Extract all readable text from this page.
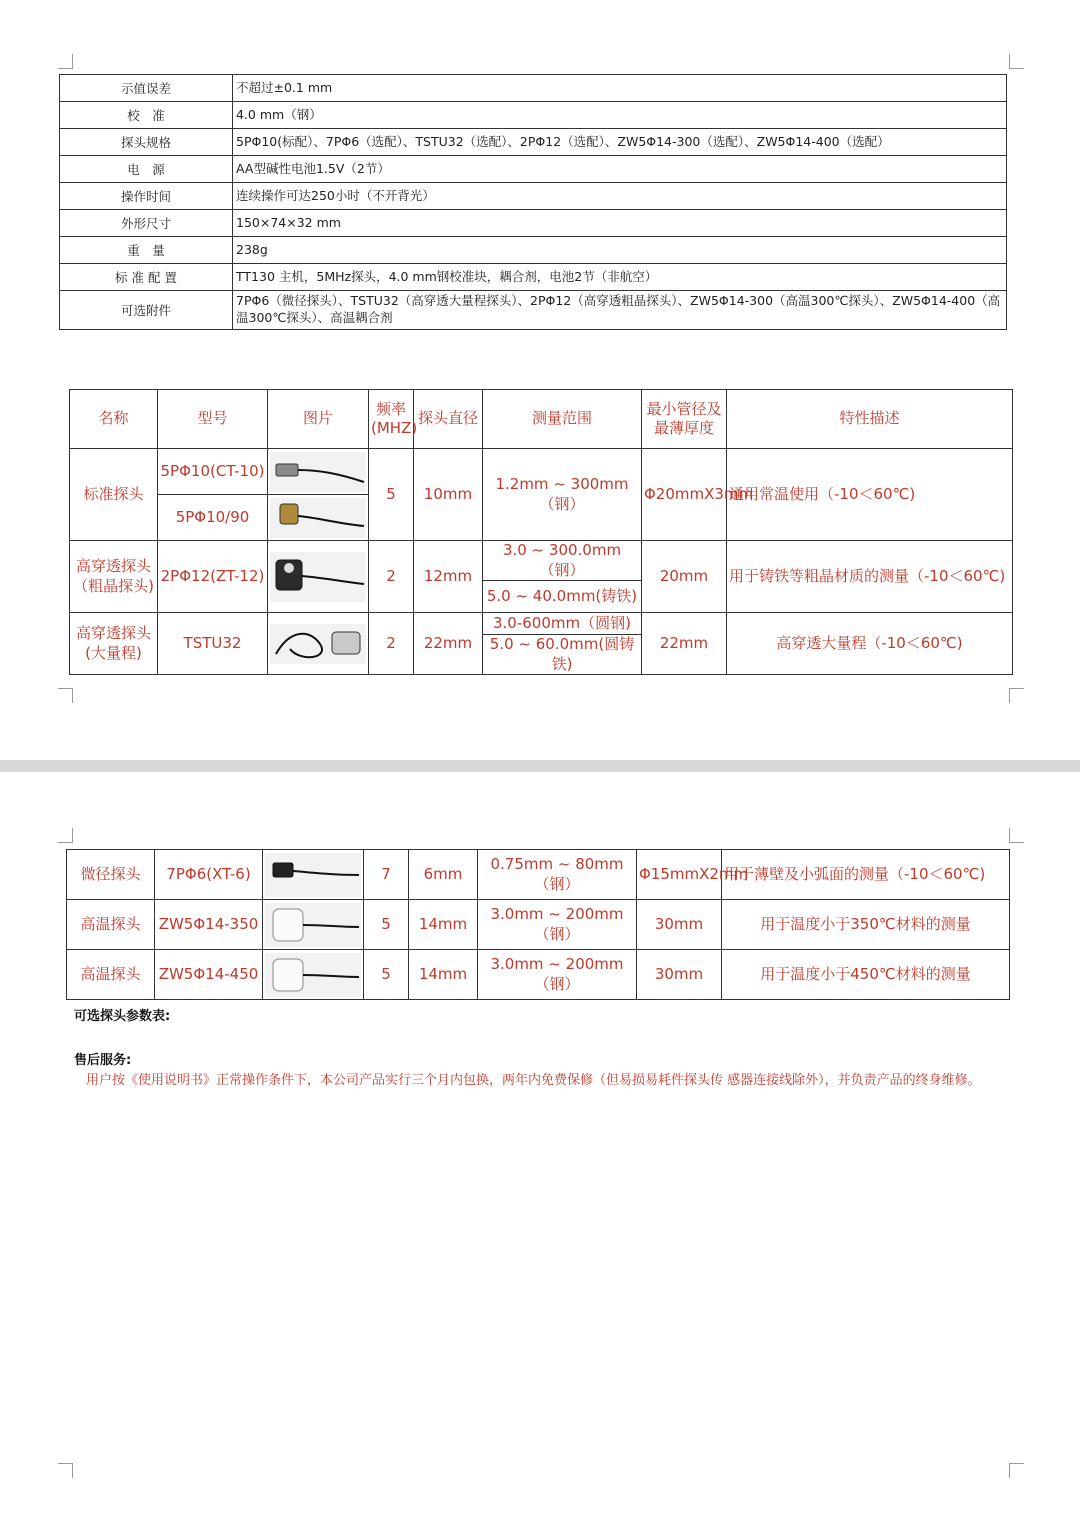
示值误差	不超过±0.1 mm
校　准	4.0 mm（钢）
探头规格	5PΦ10(标配）、7PΦ6（选配）、TSTU32（选配）、2PΦ12（选配）、ZW5Φ14-300（选配）、ZW5Φ14-400（选配）
电　源	AA型碱性电池1.5V（2节）
操作时间	连续操作可达250小时（不开背光）
外形尺寸	150×74×32 mm
重　量	238g
标 准 配 置	TT130 主机，5MHz探头，4.0 mm钢校准块，耦合剂，电池2节（非航空）
可选附件	7PΦ6（微径探头）、TSTU32（高穿透大量程探头）、2PΦ12（高穿透粗晶探头）、ZW5Φ14-300（高温300℃探头）、ZW5Φ14-400（高温300℃探头）、高温耦合剂
名称	型号	图片	频率(MHZ)	探头直径	测量范围	最小管径及最薄厚度	特性描述
标准探头	5PΦ10(CT-10)		5	10mm	1.2mm ~ 300mm（钢）	Φ20mmX3mm	通用常温使用（-10＜60℃)
	5PΦ10/90	

高穿透探头（粗晶探头)	2PΦ12(ZT-12)		2	12mm	3.0 ~ 300.0mm（钢）	20mm	用于铸铁等粗晶材质的测量（-10＜60℃)
					5.0 ~ 40.0mm(铸铁)		
高穿透探头(大量程)	TSTU32		2	22mm	3.0-600mm（圆钢)	22mm	高穿透大量程（-10＜60℃)
					5.0 ~ 60.0mm(圆铸铁)		
微径探头	7PΦ6(XT-6)		7	6mm	0.75mm ~ 80mm（钢）	Φ15mmX2mm	用于薄壁及小弧面的测量（-10＜60℃)
高温探头	ZW5Φ14-350		5	14mm	3.0mm ~ 200mm（钢）	30mm	用于温度小于350℃材料的测量
高温探头	ZW5Φ14-450		5	14mm	3.0mm ~ 200mm（钢）	30mm	用于温度小于450℃材料的测量
可选探头参数表:
售后服务:
用户按《使用说明书》正常操作条件下，本公司产品实行三个月内包换，两年内免费保修（但易损易耗件探头传 感器连接线除外），并负责产品的终身维修。
